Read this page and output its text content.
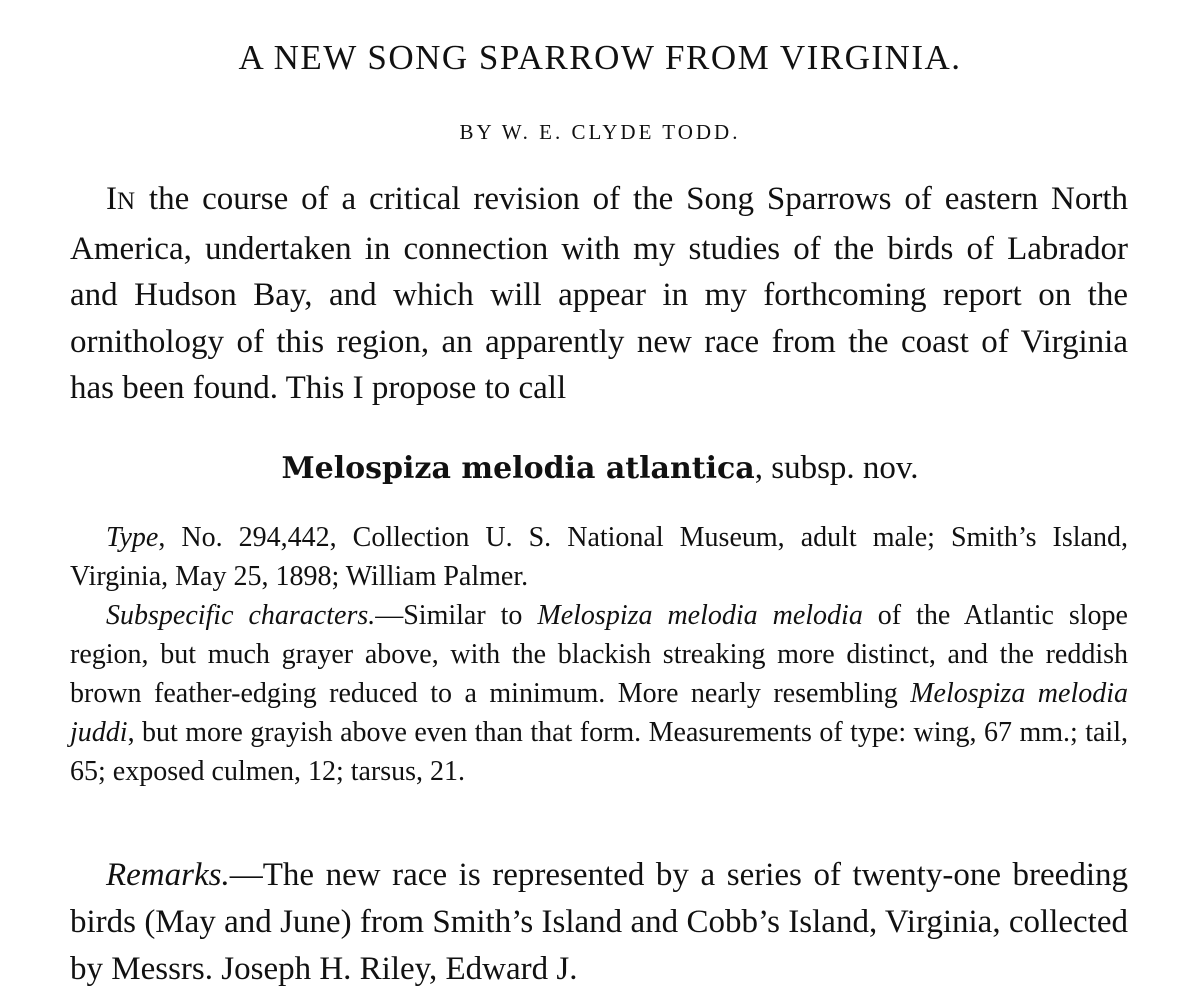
A NEW SONG SPARROW FROM VIRGINIA.
BY W. E. CLYDE TODD.

IN the course of a critical revision of the Song Sparrows of eastern North America, undertaken in connection with my studies of the birds of Labrador and Hudson Bay, and which will appear in my forthcoming report on the ornithology of this region, an apparently new race from the coast of Virginia has been found. This I propose to call

Melospiza melodia atlantica, subsp. nov.

Type, No. 294,442, Collection U. S. National Museum, adult male; Smith’s Island, Virginia, May 25, 1898; William Palmer.

Subspecific characters.—Similar to Melospiza melodia melodia of the Atlantic slope region, but much grayer above, with the blackish streaking more distinct, and the reddish brown feather-edging reduced to a minimum. More nearly resembling Melospiza melodia juddi, but more grayish above even than that form. Measurements of type: wing, 67 mm.; tail, 65; exposed culmen, 12; tarsus, 21.

Remarks.—The new race is represented by a series of twenty-one breeding birds (May and June) from Smith’s Island and Cobb’s Island, Virginia, collected by Messrs. Joseph H. Riley, Edward J.
